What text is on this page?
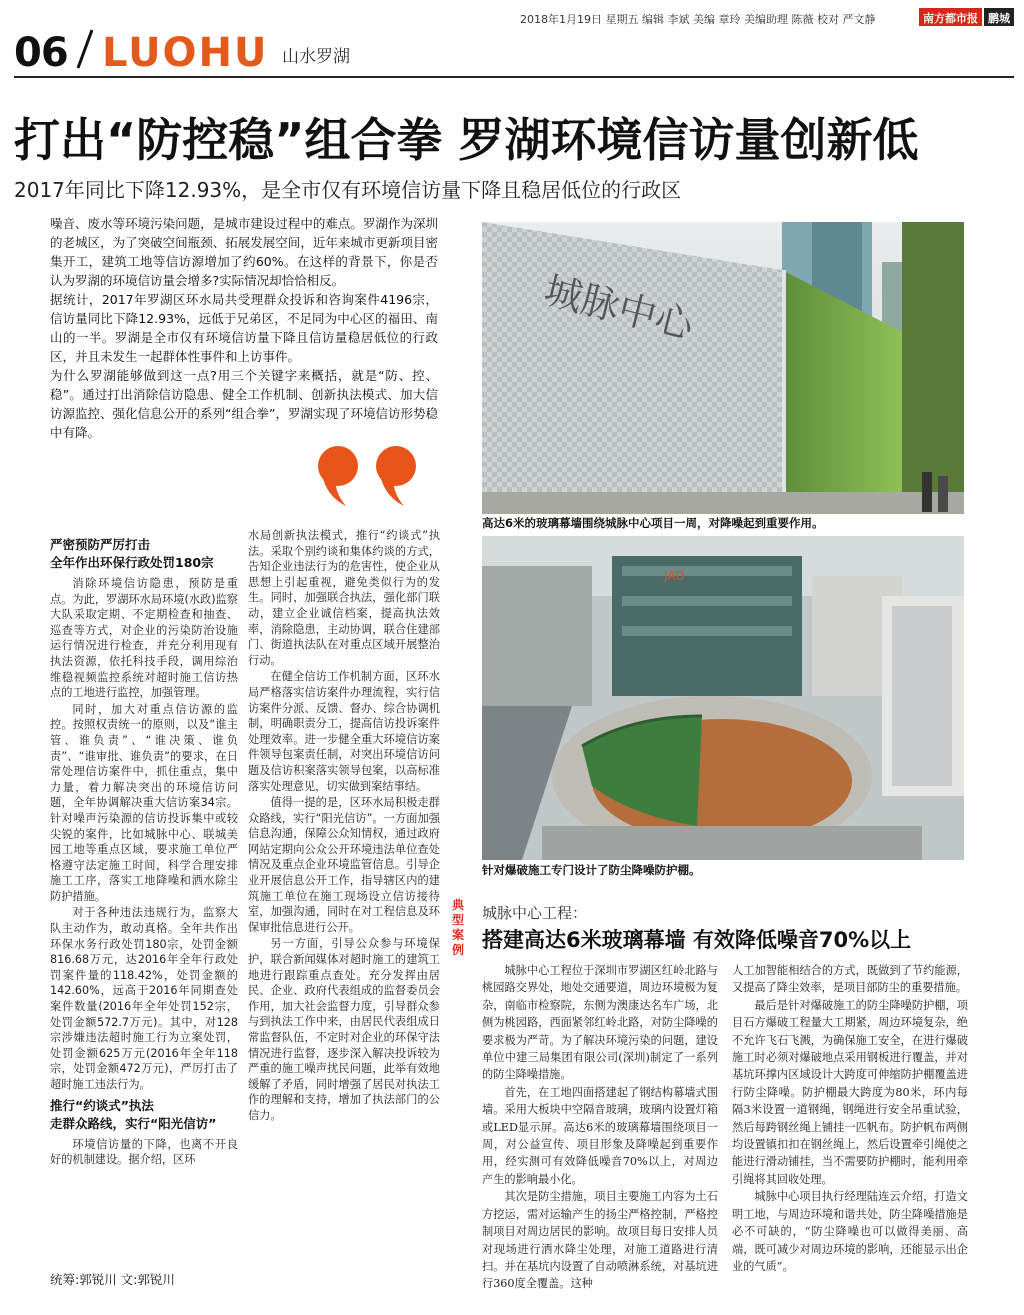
2018年1月19日 星期五 编辑 李斌 美编 章玲 美编助理 陈薇 校对 严文静	南方都市报 鹏城
06 LUOHU 山水罗湖
打出“防控稳”组合拳 罗湖环境信访量创新低
2017年同比下降12.93%，是全市仅有环境信访量下降且稳居低位的行政区

噪音、废水等环境污染问题，是城市建设过程中的难点。罗湖作为深圳的老城区，为了突破空间瓶颈、拓展发展空间，近年来城市更新项目密集开工，建筑工地等信访源增加了约60%。在这样的背景下，你是否认为罗湖的环境信访量会增多?实际情况却恰恰相反。

据统计，2017年罗湖区环水局共受理群众投诉和咨询案件4196宗，信访量同比下降12.93%，远低于兄弟区，不足同为中心区的福田、南山的一半。罗湖是全市仅有环境信访量下降且信访量稳居低位的行政区，并且未发生一起群体性事件和上访事件。

为什么罗湖能够做到这一点?用三个关键字来概括，就是“防、控、稳”。通过打出消除信访隐患、健全工作机制、创新执法模式、加大信访源监控、强化信息公开的系列“组合拳”，罗湖实现了环境信访形势稳中有降。

严密预防严厉打击
全年作出环保行政处罚180宗

消除环境信访隐患，预防是重点。为此，罗湖环水局环境(水政)监察大队采取定期、不定期检查和抽查、巡查等方式，对企业的污染防治设施运行情况进行检查，并充分利用现有执法资源，依托科技手段，调用综治维稳视频监控系统对超时施工信访热点的工地进行监控，加强管理。

同时，加大对重点信访源的监控。按照权责统一的原则，以及“谁主管、谁负责”、“谁决策、谁负责”、“谁审批、谁负责”的要求，在日常处理信访案件中，抓住重点，集中力量，着力解决突出的环境信访问题，全年协调解决重大信访案34宗。针对噪声污染源的信访投诉集中或较尖锐的案件，比如城脉中心、联城美园工地等重点区域，要求施工单位严格遵守法定施工时间，科学合理安排施工工序，落实工地降噪和洒水除尘防护措施。

对于各种违法违规行为，监察大队主动作为，敢动真格。全年共作出环保水务行政处罚180宗，处罚金额816.68万元，达2016年全年行政处罚案件量的118.42%，处罚金额的142.60%，远高于2016年同期查处案件数量(2016年全年处罚152宗，处罚金额572.7万元)。其中，对128宗涉嫌违法超时施工行为立案处罚，处罚金额625万元(2016年全年118宗，处罚金额472万元)，严厉打击了超时施工违法行为。

推行“约谈式”执法
走群众路线，实行“阳光信访”

环境信访量的下降，也离不开良好的机制建设。据介绍，区环

水局创新执法模式，推行“约谈式”执法。采取个别约谈和集体约谈的方式，告知企业违法行为的危害性，使企业从思想上引起重视，避免类似行为的发生。同时，加强联合执法，强化部门联动，建立企业诚信档案，提高执法效率，消除隐患，主动协调，联合住建部门、街道执法队在对重点区域开展整治行动。

在健全信访工作机制方面，区环水局严格落实信访案件办理流程，实行信访案件分派、反馈、督办、综合协调机制，明确职责分工，提高信访投诉案件处理效率。进一步健全重大环境信访案件领导包案责任制，对突出环境信访问题及信访积案落实领导包案，以高标准落实处理意见，切实做到案结事结。

值得一提的是，区环水局积极走群众路线，实行“阳光信访”。一方面加强信息沟通，保障公众知情权，通过政府网站定期向公众公开环境违法单位查处情况及重点企业环境监管信息。引导企业开展信息公开工作，指导辖区内的建筑施工单位在施工现场设立信访接待室，加强沟通，同时在对工程信息及环保审批信息进行公开。

另一方面，引导公众参与环境保护，联合新闻媒体对超时施工的建筑工地进行跟踪重点查处。充分发挥由居民、企业、政府代表组成的监督委员会作用，加大社会监督力度，引导群众参与到执法工作中来，由居民代表组成日常监督队伍，不定时对企业的环保守法情况进行监督，逐步深入解决投诉较为严重的施工噪声扰民问题，此举有效地缓解了矛盾，同时增强了居民对执法工作的理解和支持，增加了执法部门的公信力。

统筹:郭锐川 文:郭锐川
城脉中心
高达6米的玻璃幕墙围绕城脉中心项目一周，对降噪起到重要作用。
JAD
针对爆破施工专门设计了防尘降噪防护棚。
典型案例
城脉中心工程：
搭建高达6米玻璃幕墙 有效降低噪音70%以上

城脉中心工程位于深圳市罗湖区红岭北路与桃园路交界处，地处交通要道，周边环境极为复杂，南临市检察院，东侧为澳康达名车广场，北侧为桃园路，西面紧邻红岭北路，对防尘降噪的要求极为严苛。为了解决环境污染的问题，建设单位中建三局集团有限公司(深圳)制定了一系列的防尘降噪措施。

首先，在工地四面搭建起了钢结构幕墙式围墙。采用大板块中空隔音玻璃，玻璃内设置灯箱或LED显示屏。高达6米的玻璃幕墙围绕项目一周，对公益宣传、项目形象及降噪起到重要作用，经实测可有效降低噪音70%以上，对周边产生的影响最小化。

其次是防尘措施，项目主要施工内容为土石方挖运，需对运输产生的扬尘严格控制，严格控制项目对周边居民的影响。故项目每日安排人员对现场进行洒水降尘处理，对施工道路进行清扫。并在基坑内设置了自动喷淋系统，对基坑进行360度全覆盖。这种

人工加智能相结合的方式，既做到了节约能源，又提高了降尘效率，是项目部防尘的重要措施。

最后是针对爆破施工的防尘降噪防护棚，项目石方爆破工程量大工期紧，周边环境复杂，绝不允许飞石飞溅，为确保施工安全，在进行爆破施工时必须对爆破地点采用钢板进行覆盖，并对基坑环撑内区域设计大跨度可伸缩防护棚覆盖进行防尘降噪。防护棚最大跨度为80米，环内每隔3米设置一道钢绳，钢绳进行安全吊重试验，然后每跨钢丝绳上铺挂一匹帆布。防护帆布两侧均设置镇扣扣在钢丝绳上，然后设置牵引绳使之能进行滑动铺挂，当不需要防护棚时，能利用牵引绳将其回收处理。

城脉中心项目执行经理陆连云介绍，打造文明工地，与周边环境和谐共处，防尘降噪措施是必不可缺的，“防尘降噪也可以做得美丽、高端，既可减少对周边环境的影响，还能显示出企业的气质”。
